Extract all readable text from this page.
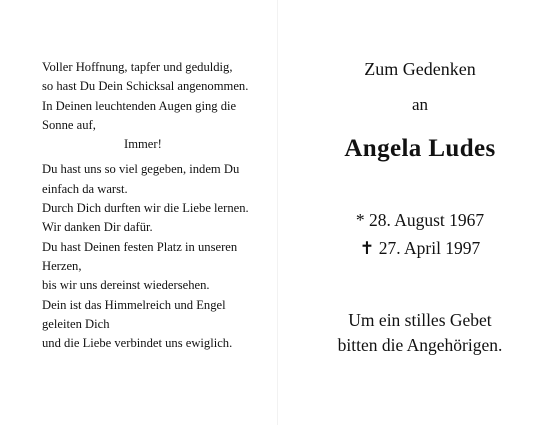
Voller Hoffnung, tapfer und geduldig,
so hast Du Dein Schicksal angenommen.
In Deinen leuchtenden Augen ging die
Sonne auf,
Immer!
Du hast uns so viel gegeben, indem Du
einfach da warst.
Durch Dich durften wir die Liebe lernen.
Wir danken Dir dafür.
Du hast Deinen festen Platz in unseren
Herzen,
bis wir uns dereinst wiedersehen.
Dein ist das Himmelreich und Engel
geleiten Dich
und die Liebe verbindet uns ewiglich.
Zum Gedenken
an
Angela Ludes
* 28. August 1967
✝ 27. April 1997
Um ein stilles Gebet
bitten die Angehörigen.
